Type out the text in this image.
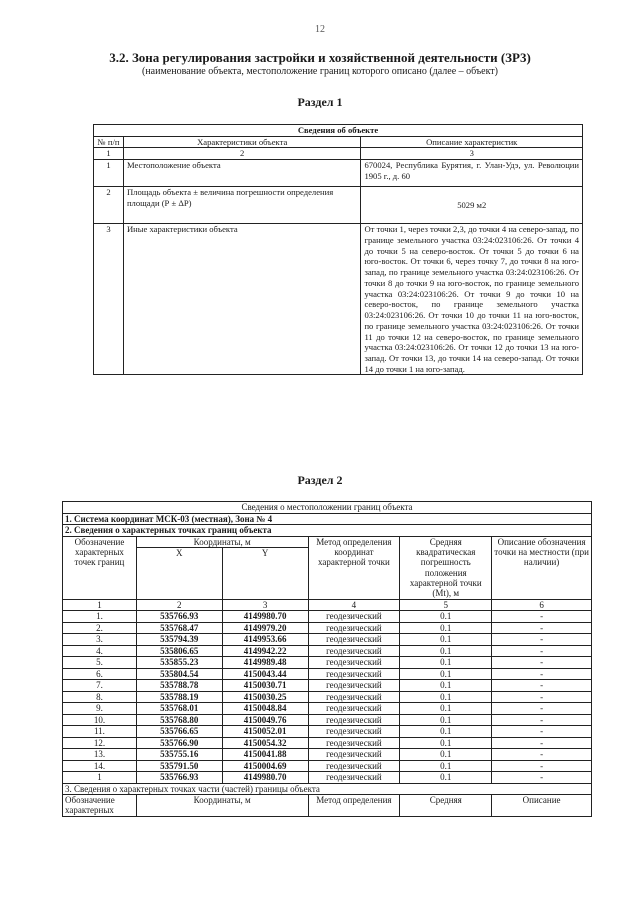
12
3.2. Зона регулирования застройки и хозяйственной деятельности (ЗР3)
(наименование объекта, местоположение границ которого описано (далее – объект)
Раздел 1
Сведения об объекте		
№ п/п	Характеристики объекта	Описание характеристик
1	2	3
1	Местоположение объекта	670024, Республика Бурятия, г. Улан-Удэ, ул. Революции 1905 г., д. 60
2	Площадь объекта ± величина погрешности определения площади (Р ± ΔР)	5029 м2
3	Иные характеристики объекта	От точки 1, через точки 2,3, до точки 4 на северо-запад, по границе земельного участка 03:24:023106:26. От точки 4 до точки 5 на северо-восток. От точки 5 до точки 6 на юго-восток. От точки 6, через точку 7, до точки 8 на юго-запад, по границе земельного участка 03:24:023106:26. От точки 8 до точки 9 на юго-восток, по границе земельного участка 03:24:023106:26. От точки 9 до точки 10 на северо-восток, по границе земельного участка 03:24:023106:26. От точки 10 до точки 11 на юго-восток, по границе земельного участка 03:24:023106:26. От точки 11 до точки 12 на северо-восток, по границе земельного участка 03:24:023106:26. От точки 12 до точки 13 на юго-запад. От точки 13, до точки 14 на северо-запад. От точки 14 до точки 1 на юго-запад.
Раздел 2
Сведения о местоположении границ объекта					
1. Система координат МСК-03 (местная), Зона № 4					
2. Сведения о характерных точках границ объекта					
Обозначение характерных точек границ	Координаты, м		Метод определения координат характерной точки	Средняя квадратическая погрешность положения характерной точки (Mt), м	Описание обозначения точки на местности (при наличии)
	X	Y			
1	2	3	4	5	6
1.	535766.93	4149980.70	геодезический	0.1	-
2.	535768.47	4149979.20	геодезический	0.1	-
3.	535794.39	4149953.66	геодезический	0.1	-
4.	535806.65	4149942.22	геодезический	0.1	-
5.	535855.23	4149989.48	геодезический	0.1	-
6.	535804.54	4150043.44	геодезический	0.1	-
7.	535788.78	4150030.71	геодезический	0.1	-
8.	535788.19	4150030.25	геодезический	0.1	-
9.	535768.01	4150048.84	геодезический	0.1	-
10.	535768.80	4150049.76	геодезический	0.1	-
11.	535766.65	4150052.01	геодезический	0.1	-
12.	535766.90	4150054.32	геодезический	0.1	-
13.	535755.16	4150041.88	геодезический	0.1	-
14.	535791.50	4150004.69	геодезический	0.1	-
1	535766.93	4149980.70	геодезический	0.1	-
3. Сведения о характерных точках части (частей) границы объекта					
Обозначение характерных	Координаты, м		Метод определения	Средняя	Описание
